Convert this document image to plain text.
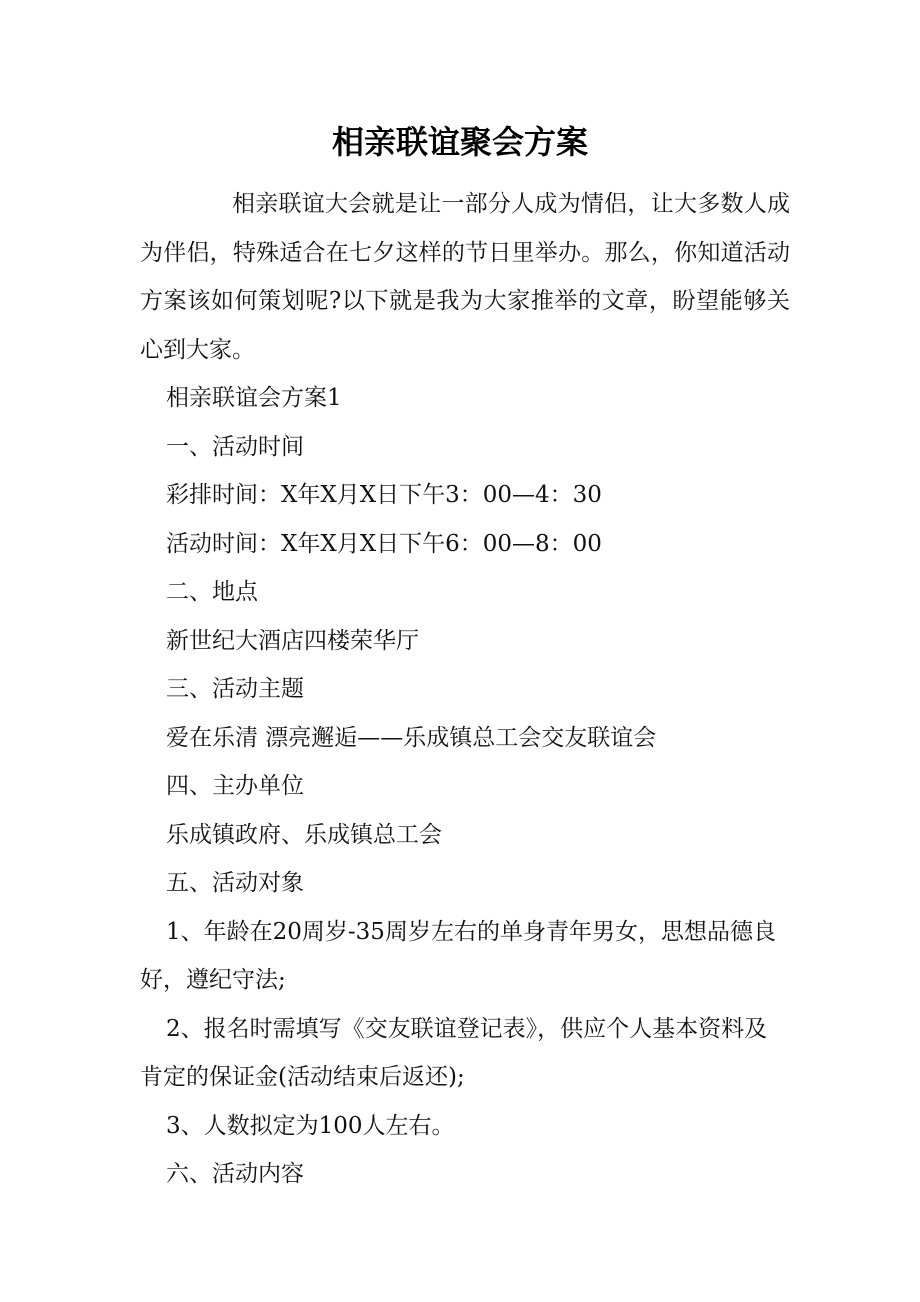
相亲联谊聚会方案

相亲联谊大会就是让一部分人成为情侣，让大多数人成为伴侣，特殊适合在七夕这样的节日里举办。那么，你知道活动方案该如何策划呢?以下就是我为大家推举的文章，盼望能够关心到大家。

相亲联谊会方案1

一、活动时间

彩排时间：X年X月X日下午3：00—4：30

活动时间：X年X月X日下午6：00—8：00

二、地点

新世纪大酒店四楼荣华厅

三、活动主题

爱在乐清 漂亮邂逅——乐成镇总工会交友联谊会

四、主办单位

乐成镇政府、乐成镇总工会

五、活动对象

1、年龄在20周岁-35周岁左右的单身青年男女，思想品德良好，遵纪守法;

2、报名时需填写《交友联谊登记表》，供应个人基本资料及肯定的保证金(活动结束后返还);

3、人数拟定为100人左右。

六、活动内容
